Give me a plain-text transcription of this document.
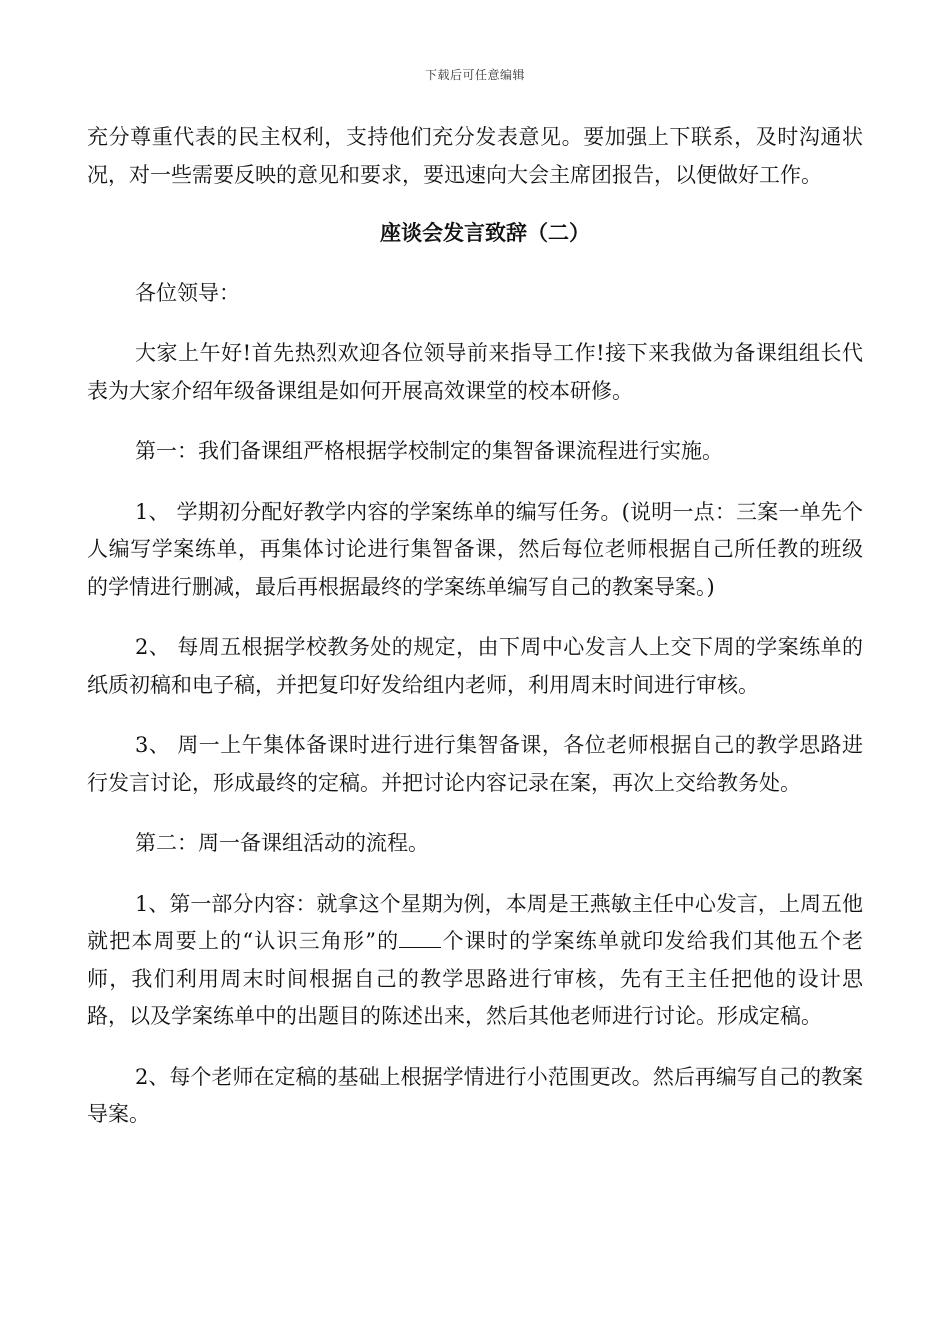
下载后可任意编辑

充分尊重代表的民主权利，支持他们充分发表意见。要加强上下联系，及时沟通状况，对一些需要反映的意见和要求，要迅速向大会主席团报告，以便做好工作。

座谈会发言致辞（二）

各位领导：

大家上午好!首先热烈欢迎各位领导前来指导工作!接下来我做为备课组组长代表为大家介绍年级备课组是如何开展高效课堂的校本研修。

第一：我们备课组严格根据学校制定的集智备课流程进行实施。

1、 学期初分配好教学内容的学案练单的编写任务。(说明一点：三案一单先个人编写学案练单，再集体讨论进行集智备课，然后每位老师根据自己所任教的班级的学情进行删减，最后再根据最终的学案练单编写自己的教案导案。)

2、 每周五根据学校教务处的规定，由下周中心发言人上交下周的学案练单的纸质初稿和电子稿，并把复印好发给组内老师，利用周末时间进行审核。

3、 周一上午集体备课时进行进行集智备课，各位老师根据自己的教学思路进行发言讨论，形成最终的定稿。并把讨论内容记录在案，再次上交给教务处。

第二：周一备课组活动的流程。

1、第一部分内容：就拿这个星期为例，本周是王燕敏主任中心发言，上周五他就把本周要上的“认识三角形”的 个课时的学案练单就印发给我们其他五个老师，我们利用周末时间根据自己的教学思路进行审核，先有王主任把他的设计思路，以及学案练单中的出题目的陈述出来，然后其他老师进行讨论。形成定稿。

2、每个老师在定稿的基础上根据学情进行小范围更改。然后再编写自己的教案导案。
